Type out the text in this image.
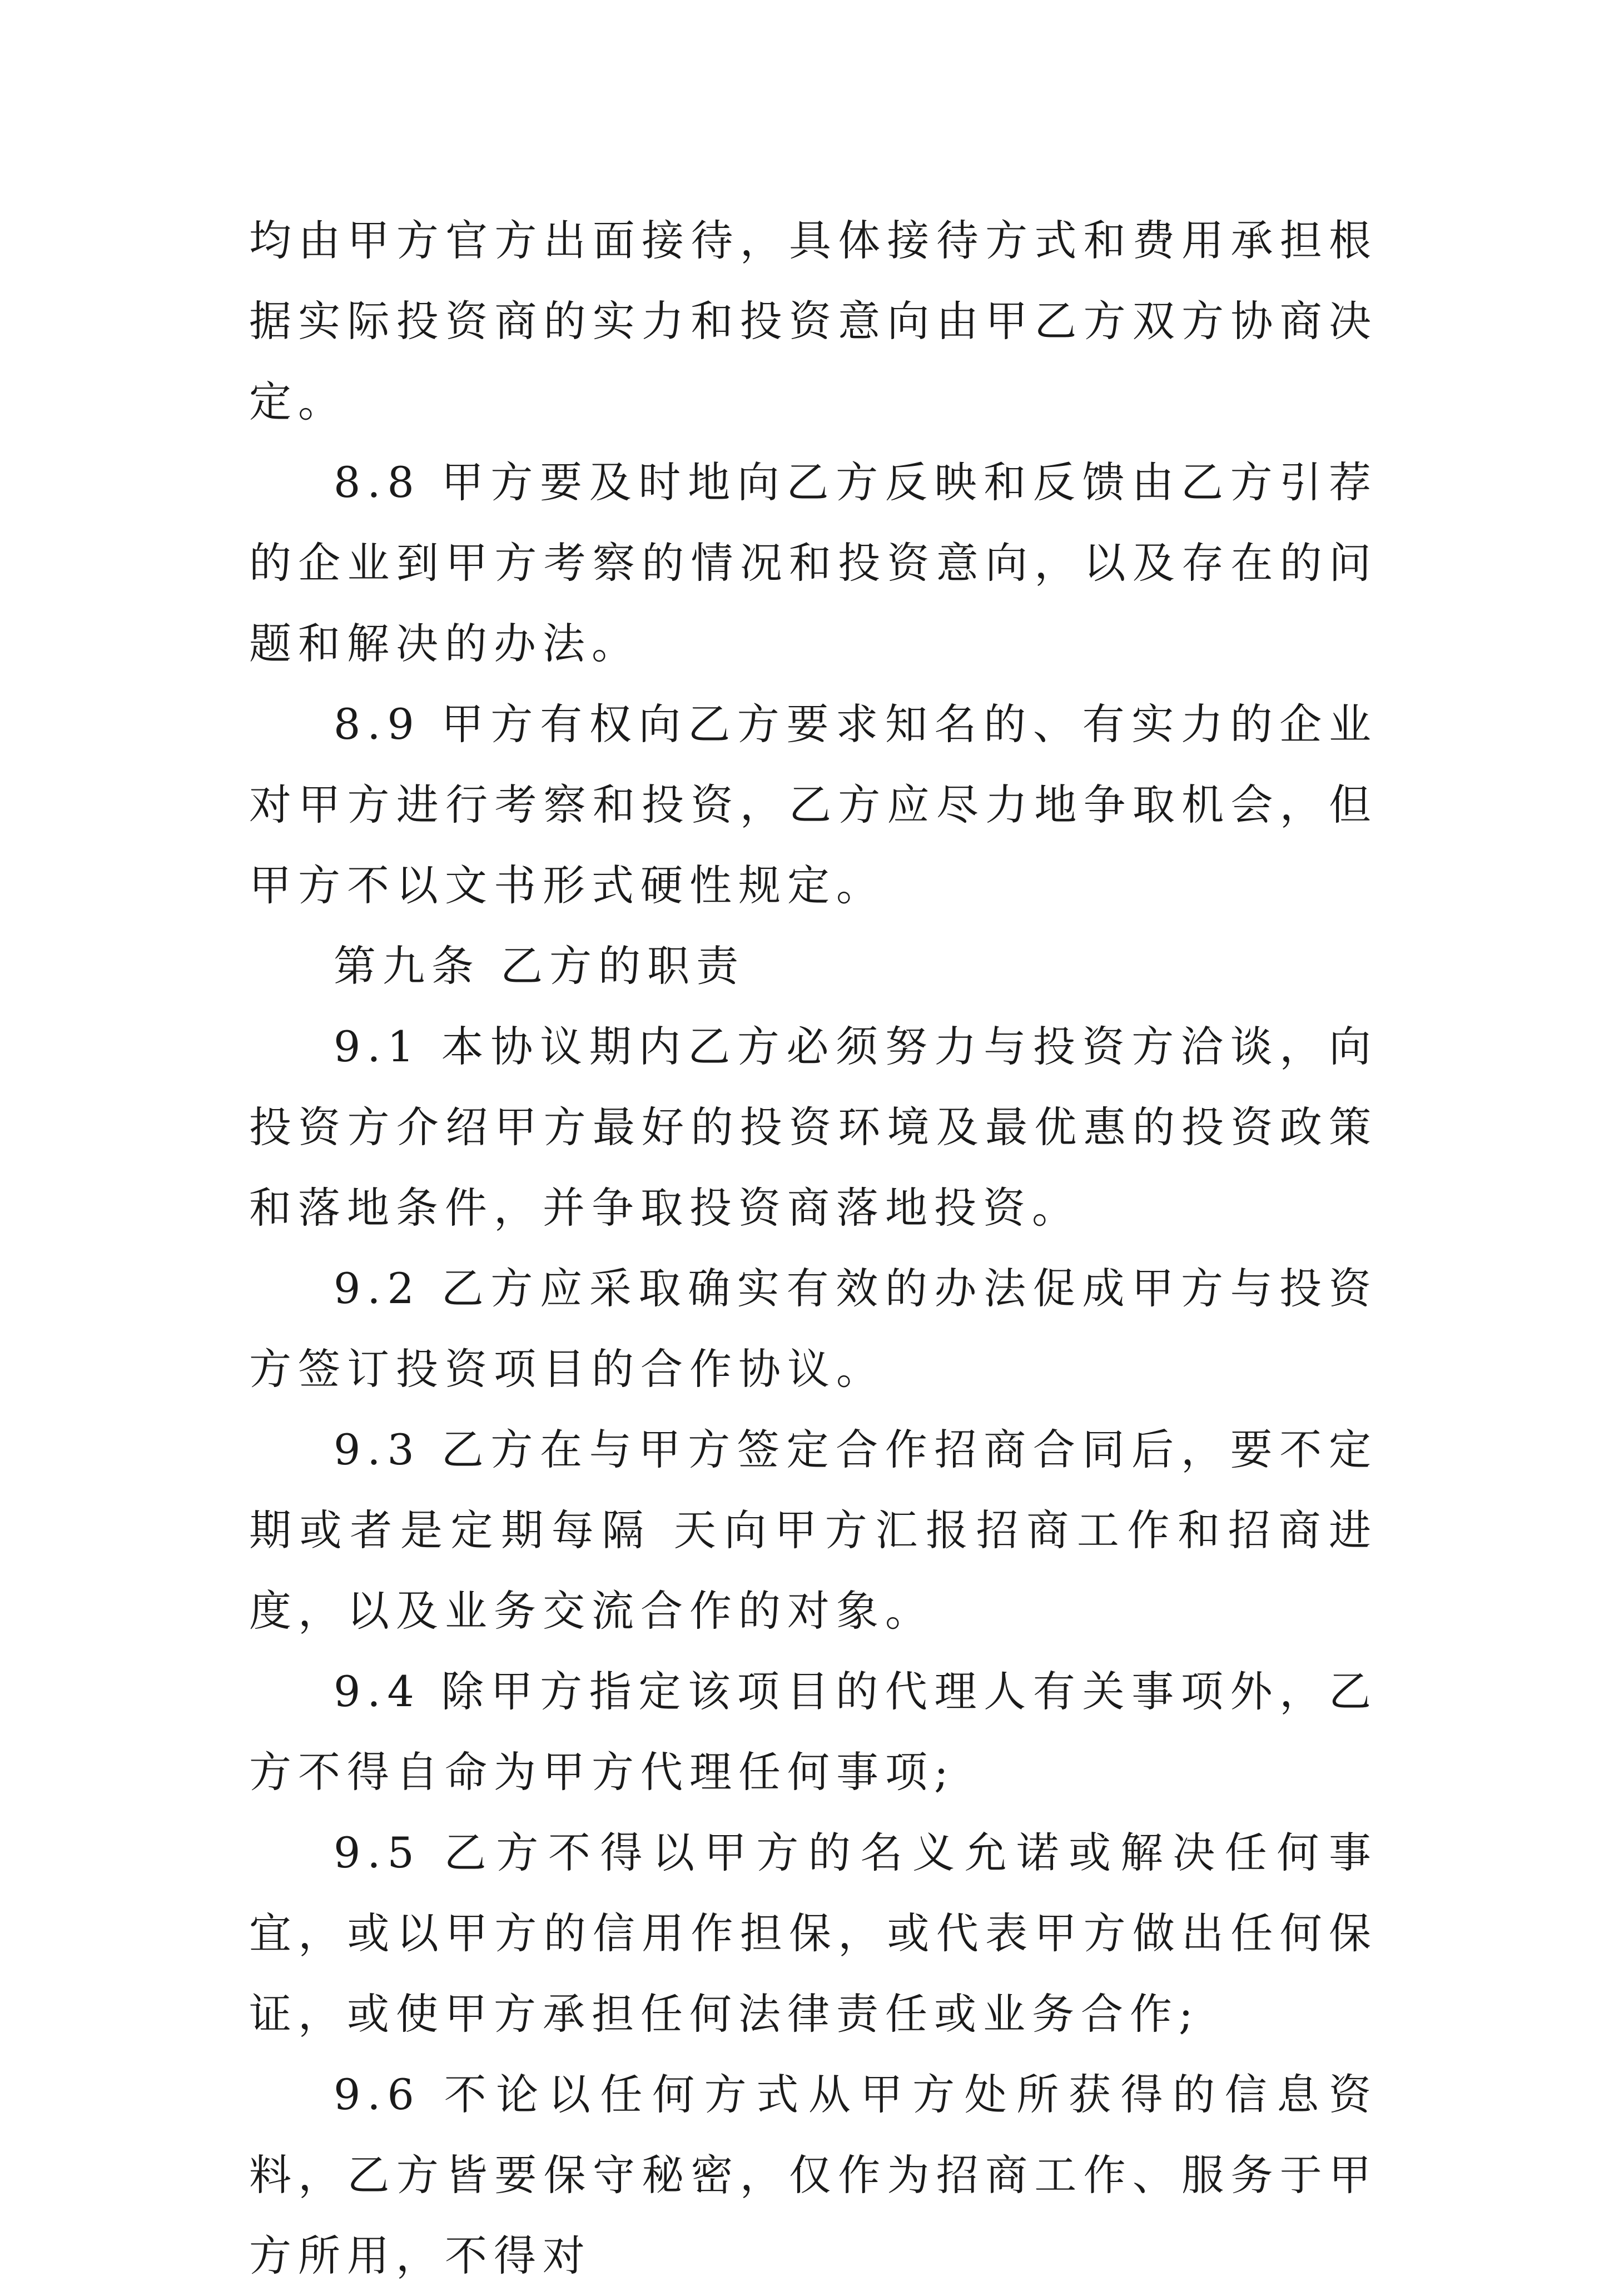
均由甲方官方出面接待，具体接待方式和费用承担根据实际投资商的实力和投资意向由甲乙方双方协商决定。

8.8 甲方要及时地向乙方反映和反馈由乙方引荐的企业到甲方考察的情况和投资意向，以及存在的问题和解决的办法。

8.9 甲方有权向乙方要求知名的、有实力的企业对甲方进行考察和投资，乙方应尽力地争取机会，但甲方不以文书形式硬性规定。

第九条 乙方的职责

9.1 本协议期内乙方必须努力与投资方洽谈，向投资方介绍甲方最好的投资环境及最优惠的投资政策和落地条件，并争取投资商落地投资。

9.2 乙方应采取确实有效的办法促成甲方与投资方签订投资项目的合作协议。

9.3 乙方在与甲方签定合作招商合同后，要不定期或者是定期每隔 天向甲方汇报招商工作和招商进度，以及业务交流合作的对象。

9.4 除甲方指定该项目的代理人有关事项外，乙方不得自命为甲方代理任何事项;

9.5 乙方不得以甲方的名义允诺或解决任何事宜，或以甲方的信用作担保，或代表甲方做出任何保证，或使甲方承担任何法律责任或业务合作;

9.6 不论以任何方式从甲方处所获得的信息资料，乙方皆要保守秘密，仅作为招商工作、服务于甲方所用，不得对
